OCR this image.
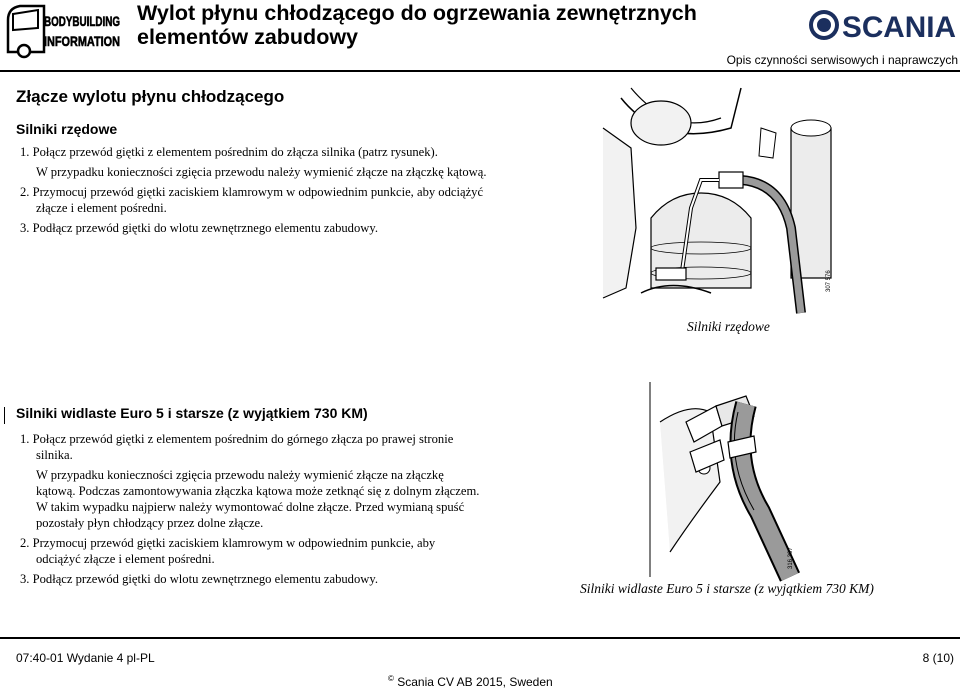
BODYBUILDING
INFORMATION
Wylot płynu chłodzącego do ogrzewania zewnętrznych elementów zabudowy	SCANIA
Opis czynności serwisowych i naprawczych
Złącze wylotu płynu chłodzącego
Silniki rzędowe

1. Połącz przewód giętki z elementem pośrednim do złącza silnika (patrz rysunek).

W przypadku konieczności zgięcia przewodu należy wymienić złącze na złączkę kątową.

2. Przymocuj przewód giętki zaciskiem klamrowym w odpowiednim punkcie, aby odciążyć złącze i element pośredni.

3. Podłącz przewód giętki do wlotu zewnętrznego elementu zabudowy.

307 576
Silniki rzędowe
Silniki widlaste Euro 5 i starsze (z wyjątkiem 730 KM)

1. Połącz przewód giętki z elementem pośrednim do górnego złącza po prawej stronie silnika.

W przypadku konieczności zgięcia przewodu należy wymienić złącze na złączkę kątową. Podczas zamontowywania złączka kątowa może zetknąć się z dolnym złączem. W takim wypadku najpierw należy wymontować dolne złącze. Przed wymianą spuść pozostały płyn chłodzący przez dolne złącze.

2. Przymocuj przewód giętki zaciskiem klamrowym w odpowiednim punkcie, aby odciążyć złącze i element pośredni.

3. Podłącz przewód giętki do wlotu zewnętrznego elementu zabudowy.

316 307
Silniki widlaste Euro 5 i starsze (z wyjątkiem 730 KM)
07:40-01 Wydanie 4 pl-PL	8 (10)
© Scania CV AB 2015, Sweden
